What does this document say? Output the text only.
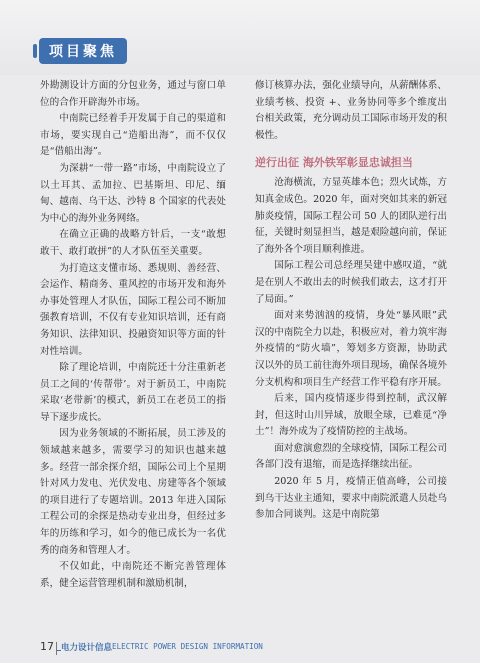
项目聚焦

外勘测设计方面的分包业务，通过与窗口单位的合作开辟海外市场。

中南院已经着手开发属于自己的渠道和市场，要实现自己“造船出海”，而不仅仅是“借船出海”。

为深耕“一带一路”市场，中南院设立了以土耳其、孟加拉、巴基斯坦、印尼、缅甸、越南、乌干达、沙特 8 个国家的代表处为中心的海外业务网络。

在确立正确的战略方针后，一支“敢想敢干、敢打敢拼”的人才队伍至关重要。

为打造这支懂市场、悉规则、善经营、会运作、精商务、重风控的市场开发和海外办事处管理人才队伍，国际工程公司不断加强教育培训，不仅有专业知识培训，还有商务知识、法律知识、投融资知识等方面的针对性培训。

除了理论培训，中南院还十分注重新老员工之间的‘传帮带’。对于新员工，中南院采取‘老带新’的模式，新员工在老员工的指导下逐步成长。

因为业务领域的不断拓展，员工涉及的领域越来越多，需要学习的知识也越来越多。经营一部余探介绍，国际公司上个星期针对风力发电、光伏发电、房建等各个领域的项目进行了专题培训。2013 年进入国际工程公司的余探是热动专业出身，但经过多年的历练和学习，如今的他已成长为一名优秀的商务和管理人才。

不仅如此，中南院还不断完善管理体系，健全运营管理机制和激励机制，

修订核算办法，强化业绩导向，从薪酬体系、业绩考核、投资 +、业务协同等多个维度出台相关政策，充分调动员工国际市场开发的积极性。

逆行出征 海外铁军彰显忠诚担当

沧海横流，方显英雄本色；烈火试炼，方知真金成色。2020 年，面对突如其来的新冠肺炎疫情，国际工程公司 50 人的团队逆行出征，关键时刻显担当，越是艰险越向前，保证了海外各个项目顺利推进。

国际工程公司总经理吴建中感叹道，“就是在别人不敢出去的时候我们敢去，这才打开了局面。”

面对来势汹汹的疫情，身处“暴风眼”武汉的中南院全力以赴，积极应对，着力筑牢海外疫情的“防火墙”，筹划多方资源，协助武汉以外的员工前往海外项目现场，确保各境外分支机构和项目生产经营工作平稳有序开展。

后来，国内疫情逐步得到控制，武汉解封，但这时山川异域，放眼全球，已难觅“净土”！海外成为了疫情防控的主战场。

面对愈演愈烈的全球疫情，国际工程公司各部门没有退缩，而是选择继续出征。

2020 年 5 月，疫情正值高峰，公司接到乌干达业主通知，要求中南院派遣人员赴乌参加合同谈判。这是中南院第

17 电力设计信息 ELECTRIC POWER DESIGN INFORMATION
